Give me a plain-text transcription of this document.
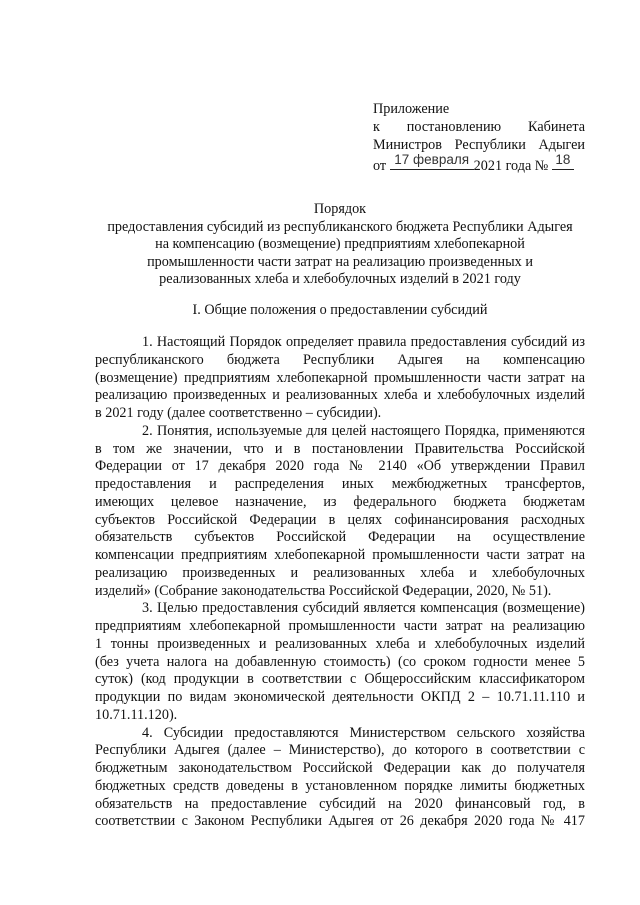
Приложение
к постановлению Кабинета
Министров Республики Адыгеи
от 17 февраля 2021 года № 18
Порядок
предоставления субсидий из республиканского бюджета Республики Адыгея
на компенсацию (возмещение) предприятиям хлебопекарной
промышленности части затрат на реализацию произведенных и
реализованных хлеба и хлебобулочных изделий в 2021 году
I. Общие положения о предоставлении субсидий
1. Настоящий Порядок определяет правила предоставления субсидий из
республиканского бюджета Республики Адыгея на компенсацию
(возмещение) предприятиям хлебопекарной промышленности части затрат на
реализацию произведенных и реализованных хлеба и хлебобулочных изделий
в 2021 году (далее соответственно – субсидии).
2. Понятия, используемые для целей настоящего Порядка, применяются
в том же значении, что и в постановлении Правительства Российской
Федерации от 17 декабря 2020 года № 2140 «Об утверждении Правил
предоставления и распределения иных межбюджетных трансфертов,
имеющих целевое назначение, из федерального бюджета бюджетам
субъектов Российской Федерации в целях софинансирования расходных
обязательств субъектов Российской Федерации на осуществление
компенсации предприятиям хлебопекарной промышленности части затрат на
реализацию произведенных и реализованных хлеба и хлебобулочных
изделий» (Собрание законодательства Российской Федерации, 2020, № 51).
3. Целью предоставления субсидий является компенсация (возмещение)
предприятиям хлебопекарной промышленности части затрат на реализацию
1 тонны произведенных и реализованных хлеба и хлебобулочных изделий
(без учета налога на добавленную стоимость) (со сроком годности менее 5
суток) (код продукции в соответствии с Общероссийским классификатором
продукции по видам экономической деятельности ОКПД 2 – 10.71.11.110 и
10.71.11.120).
4. Субсидии предоставляются Министерством сельского хозяйства
Республики Адыгея (далее – Министерство), до которого в соответствии с
бюджетным законодательством Российской Федерации как до получателя
бюджетных средств доведены в установленном порядке лимиты бюджетных
обязательств на предоставление субсидий на 2020 финансовый год, в
соответствии с Законом Республики Адыгея от 26 декабря 2020 года № 417
